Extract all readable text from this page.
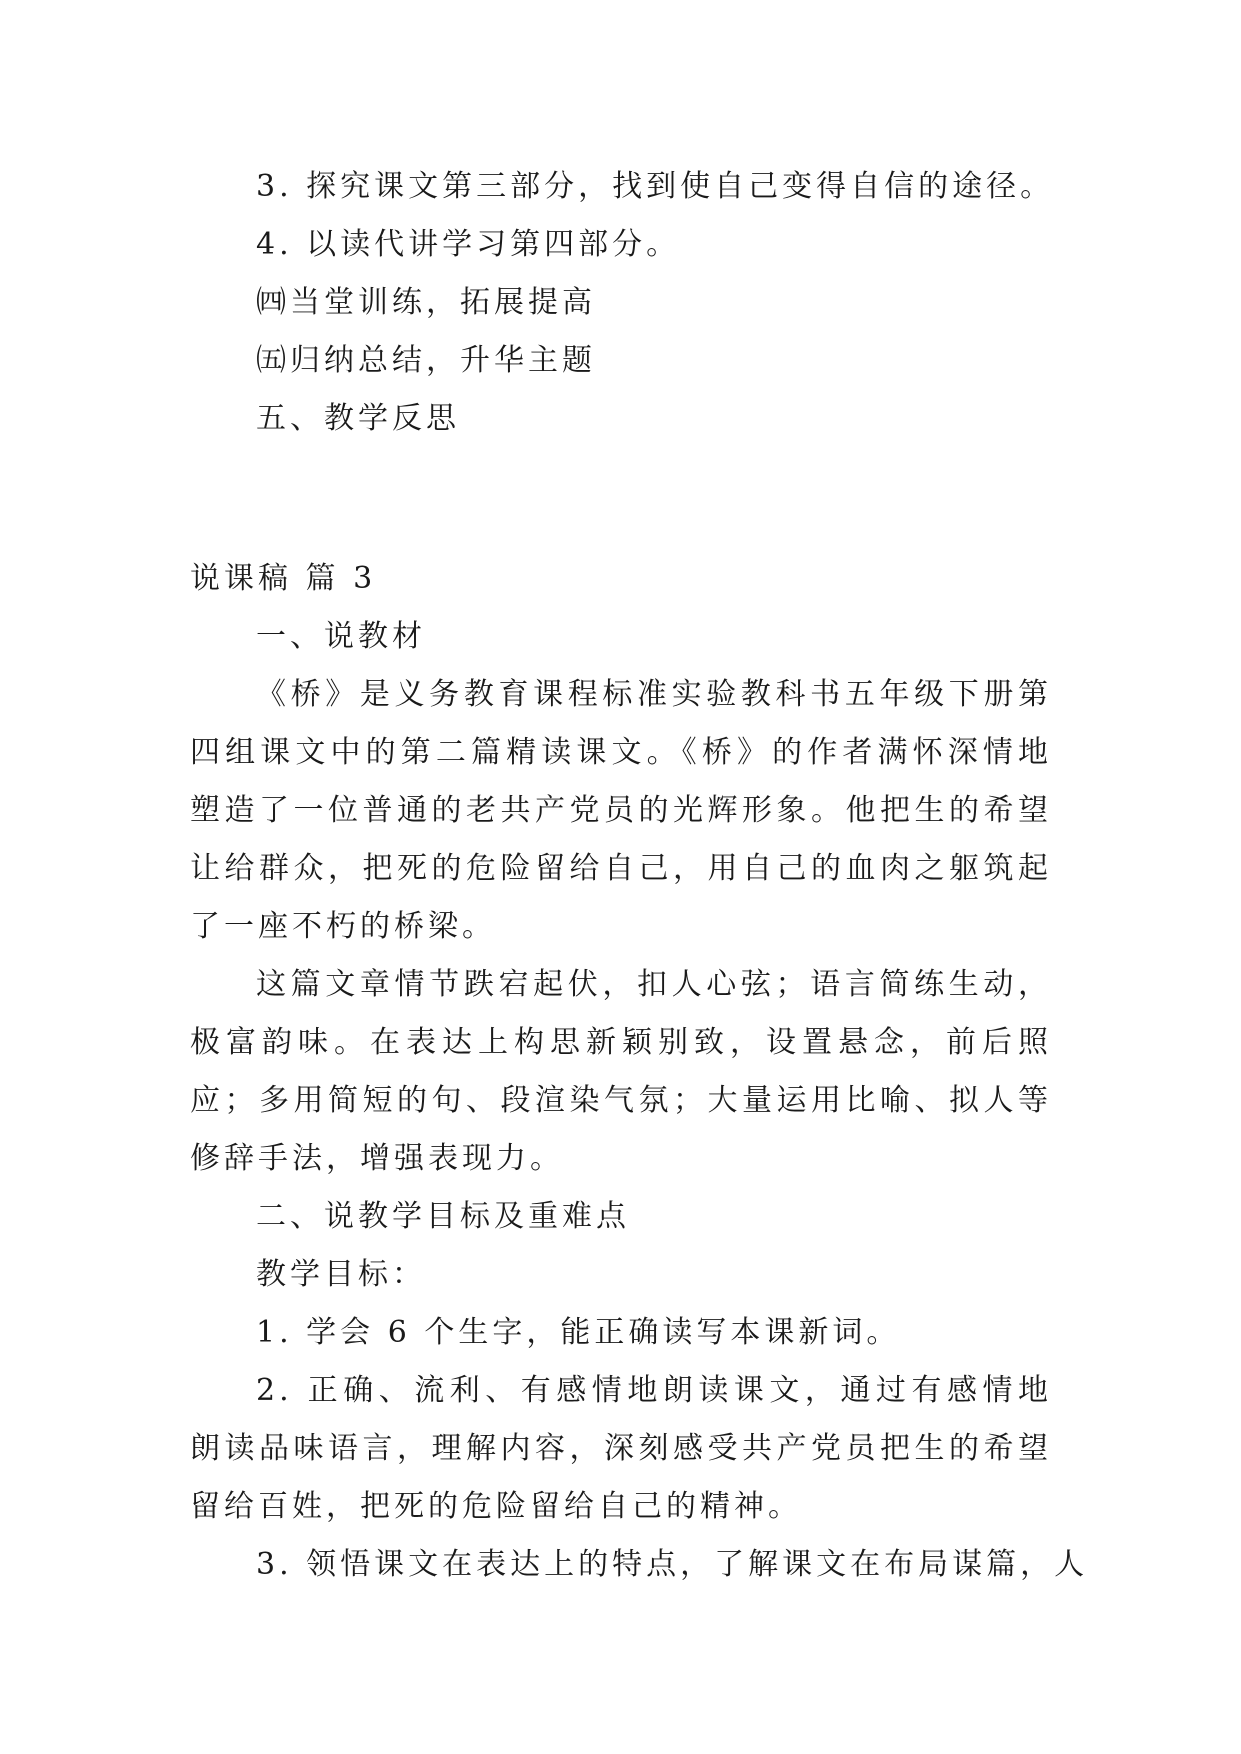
3. 探究课文第三部分，找到使自己变得自信的途径。
4. 以读代讲学习第四部分。
㈣当堂训练，拓展提高
㈤归纳总结，升华主题
五、教学反思
说课稿 篇 3
一、说教材

《桥》是义务教育课程标准实验教科书五年级下册第四组课文中的第二篇精读课文。《桥》的作者满怀深情地塑造了一位普通的老共产党员的光辉形象。他把生的希望让给群众，把死的危险留给自己，用自己的血肉之躯筑起了一座不朽的桥梁。

这篇文章情节跌宕起伏，扣人心弦；语言简练生动，极富韵味。在表达上构思新颖别致，设置悬念，前后照应；多用简短的句、段渲染气氛；大量运用比喻、拟人等修辞手法，增强表现力。

二、说教学目标及重难点
教学目标：
1. 学会 6 个生字，能正确读写本课新词。

2. 正确、流利、有感情地朗读课文，通过有感情地朗读品味语言，理解内容，深刻感受共产党员把生的希望留给百姓，把死的危险留给自己的精神。

3. 领悟课文在表达上的特点，了解课文在布局谋篇，人
